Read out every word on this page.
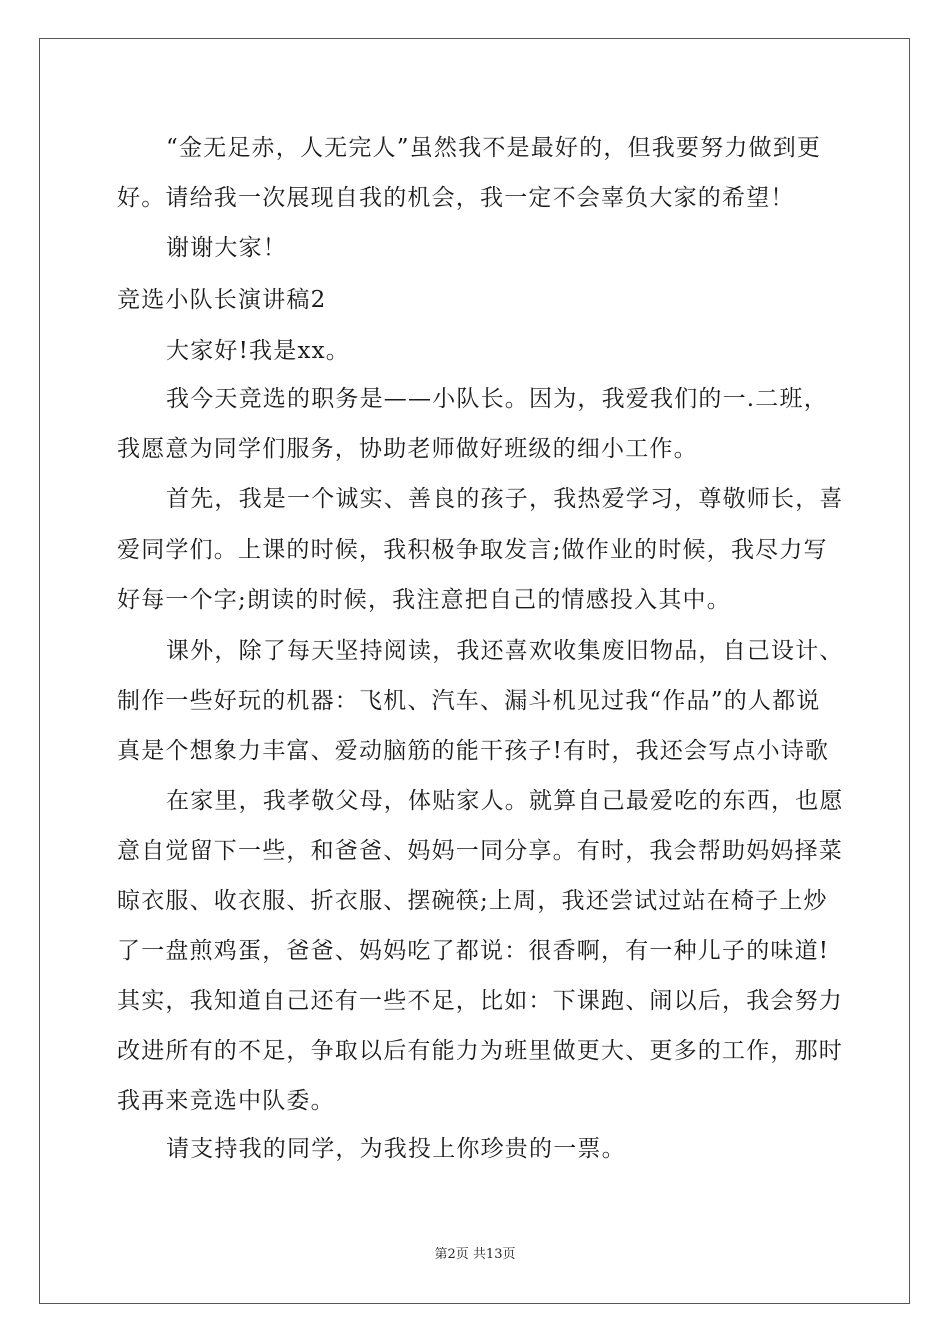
“金无足赤，人无完人”虽然我不是最好的，但我要努力做到更
好。请给我一次展现自我的机会，我一定不会辜负大家的希望！
谢谢大家！
竞选小队长演讲稿2
大家好!我是xx。
我今天竞选的职务是——小队长。因为，我爱我们的一.二班，
我愿意为同学们服务，协助老师做好班级的细小工作。
首先，我是一个诚实、善良的孩子，我热爱学习，尊敬师长，喜
爱同学们。上课的时候，我积极争取发言;做作业的时候，我尽力写
好每一个字;朗读的时候，我注意把自己的情感投入其中。
课外，除了每天坚持阅读，我还喜欢收集废旧物品，自己设计、
制作一些好玩的机器：飞机、汽车、漏斗机见过我“作品”的人都说
真是个想象力丰富、爱动脑筋的能干孩子!有时，我还会写点小诗歌
在家里，我孝敬父母，体贴家人。就算自己最爱吃的东西，也愿
意自觉留下一些，和爸爸、妈妈一同分享。有时，我会帮助妈妈择菜
晾衣服、收衣服、折衣服、摆碗筷;上周，我还尝试过站在椅子上炒
了一盘煎鸡蛋，爸爸、妈妈吃了都说：很香啊，有一种儿子的味道!
其实，我知道自己还有一些不足，比如：下课跑、闹以后，我会努力
改进所有的不足，争取以后有能力为班里做更大、更多的工作，那时
我再来竞选中队委。
请支持我的同学，为我投上你珍贵的一票。
第2页 共13页
